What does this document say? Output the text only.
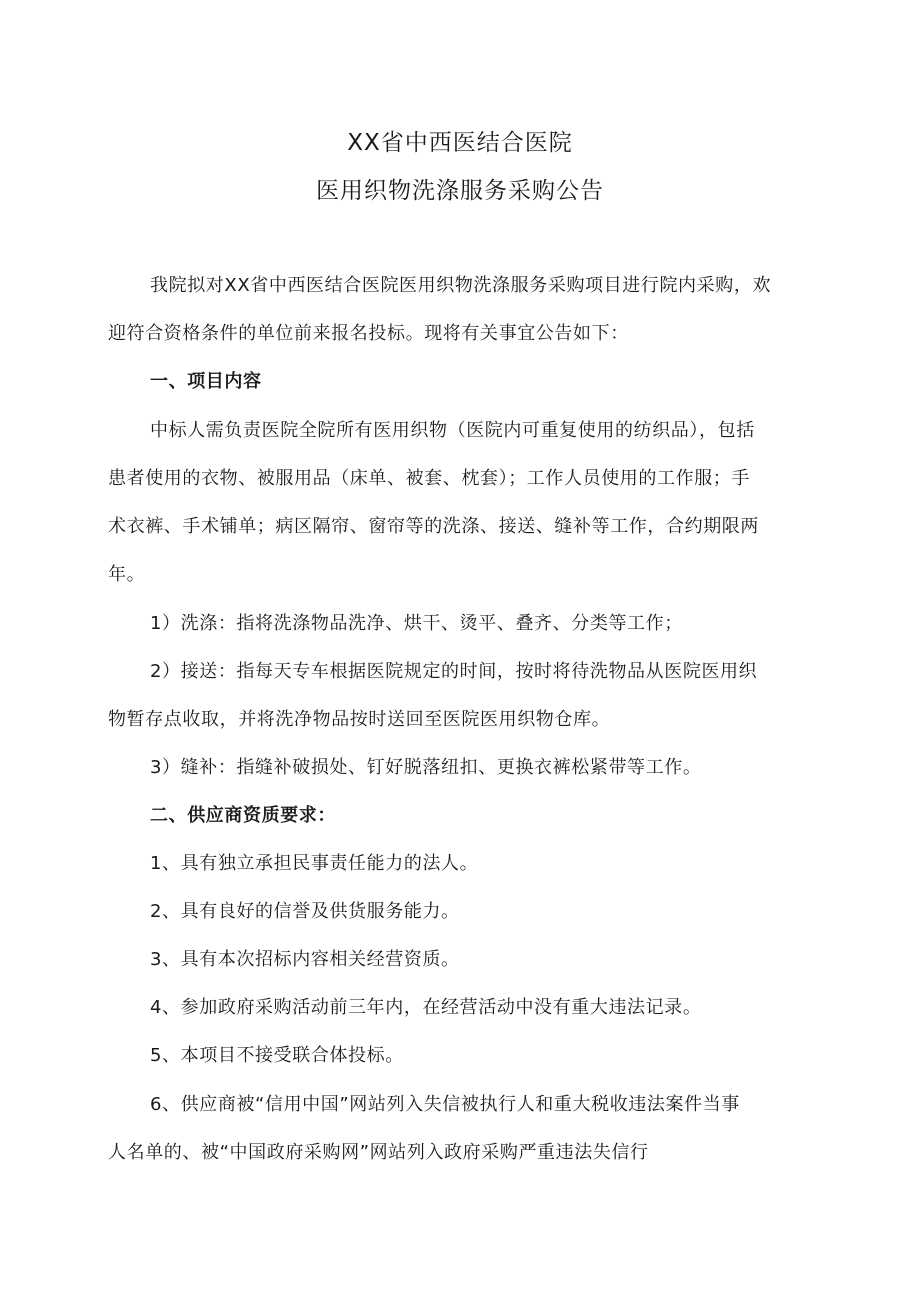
XX省中西医结合医院
医用织物洗涤服务采购公告
我院拟对XX省中西医结合医院医用织物洗涤服务采购项目进行院内采购，欢
迎符合资格条件的单位前来报名投标。现将有关事宜公告如下：
一、项目内容
中标人需负责医院全院所有医用织物（医院内可重复使用的纺织品），包括
患者使用的衣物、被服用品（床单、被套、枕套）；工作人员使用的工作服；手
术衣裤、手术铺单；病区隔帘、窗帘等的洗涤、接送、缝补等工作，合约期限两
年。
1）洗涤：指将洗涤物品洗净、烘干、烫平、叠齐、分类等工作；
2）接送：指每天专车根据医院规定的时间，按时将待洗物品从医院医用织
物暂存点收取，并将洗净物品按时送回至医院医用织物仓库。
3）缝补：指缝补破损处、钉好脱落纽扣、更换衣裤松紧带等工作。
二、供应商资质要求：
1、具有独立承担民事责任能力的法人。
2、具有良好的信誉及供货服务能力。
3、具有本次招标内容相关经营资质。
4、参加政府采购活动前三年内，在经营活动中没有重大违法记录。
5、本项目不接受联合体投标。
6、供应商被“信用中国”网站列入失信被执行人和重大税收违法案件当事
人名单的、被“中国政府采购网”网站列入政府采购严重违法失信行
